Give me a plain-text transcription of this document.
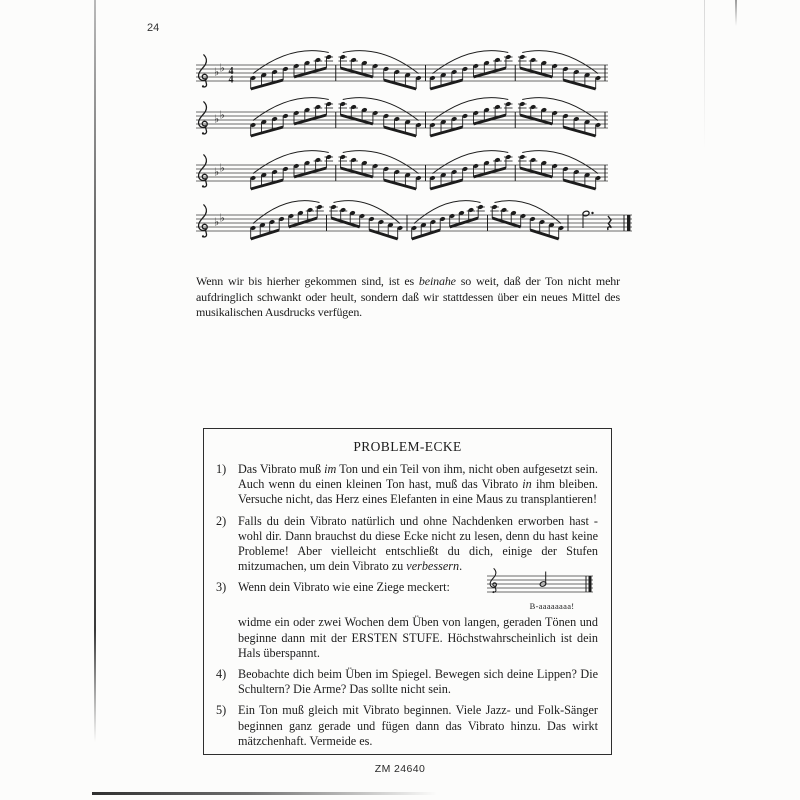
24
♭ ♭ 4
4
♭ ♭
♭ ♭
♭ ♭
Wenn wir bis hierher gekommen sind, ist es beinahe so weit, daß der Ton nicht mehr aufdringlich schwankt oder heult, sondern daß wir stattdessen über ein neues Mittel des musikalischen Ausdrucks verfügen.
PROBLEM-ECKE
1) Das Vibrato muß im Ton und ein Teil von ihm, nicht oben aufgesetzt sein. Auch wenn du einen kleinen Ton hast, muß das Vibrato in ihm bleiben. Versuche nicht, das Herz eines Elefanten in eine Maus zu transplantieren!
2) Falls du dein Vibrato natürlich und ohne Nachdenken erworben hast - wohl dir. Dann brauchst du diese Ecke nicht zu lesen, denn du hast keine Probleme! Aber vielleicht entschließt du dich, einige der Stufen mitzumachen, um dein Vibrato zu verbessern.
3) Wenn dein Vibrato wie eine Ziege meckert:
B-aaaaaaaa!
widme ein oder zwei Wochen dem Üben von langen, geraden Tönen und beginne dann mit der ERSTEN STUFE. Höchstwahrscheinlich ist dein Hals überspannt.
4) Beobachte dich beim Üben im Spiegel. Bewegen sich deine Lippen? Die Schultern? Die Arme? Das sollte nicht sein.
5) Ein Ton muß gleich mit Vibrato beginnen. Viele Jazz- und Folk-Sänger beginnen ganz gerade und fügen dann das Vibrato hinzu. Das wirkt mätzchenhaft. Vermeide es.
ZM 24640
